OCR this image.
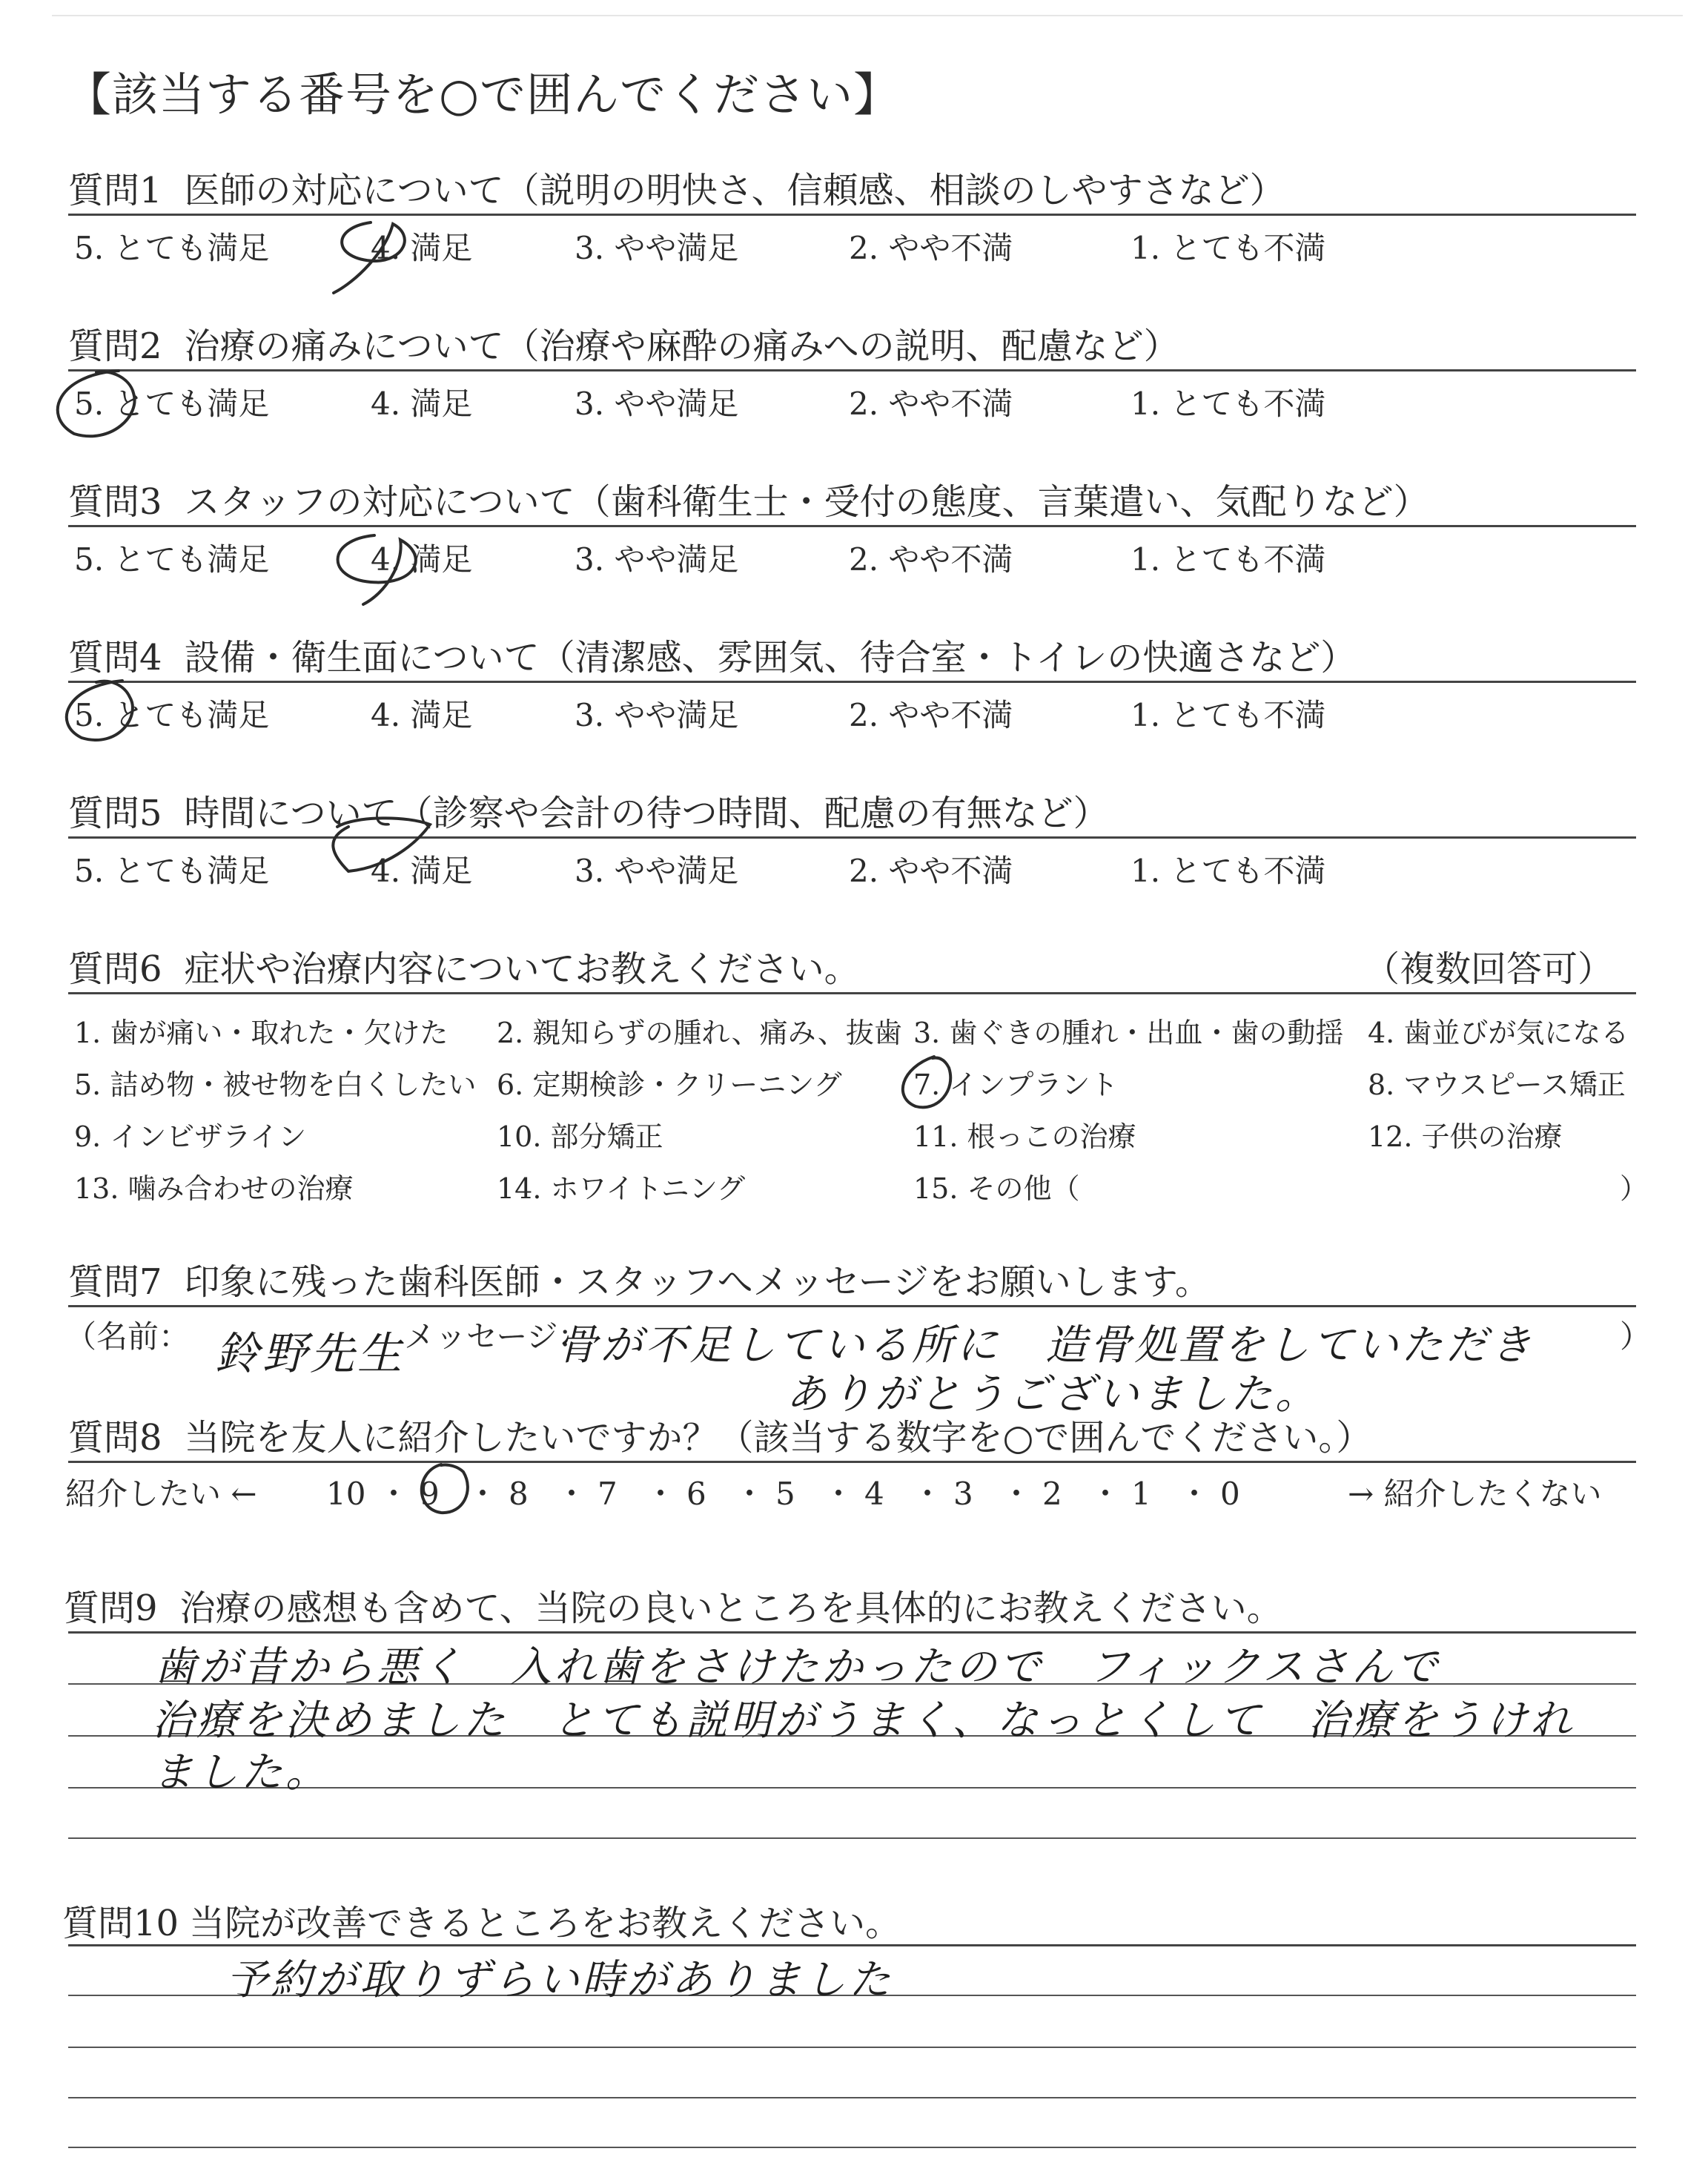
【該当する番号を○で囲んでください】
質問1 医師の対応について（説明の明快さ、信頼感、相談のしやすさなど）
5. とても満足	4. 満足	3. やや満足	2. やや不満	1. とても不満
質問2 治療の痛みについて（治療や麻酔の痛みへの説明、配慮など）
5. とても満足	4. 満足	3. やや満足	2. やや不満	1. とても不満
質問3 スタッフの対応について（歯科衛生士・受付の態度、言葉遣い、気配りなど）
5. とても満足	4. 満足	3. やや満足	2. やや不満	1. とても不満
質問4 設備・衛生面について（清潔感、雰囲気、待合室・トイレの快適さなど）
5. とても満足	4. 満足	3. やや満足	2. やや不満	1. とても不満
質問5 時間について（診察や会計の待つ時間、配慮の有無など）
5. とても満足	4. 満足	3. やや満足	2. やや不満	1. とても不満
質問6 症状や治療内容についてお教えください。	（複数回答可）
1. 歯が痛い・取れた・欠けた 2. 親知らずの腫れ、痛み、抜歯 3. 歯ぐきの腫れ・出血・歯の動揺 4. 歯並びが気になる
5. 詰め物・被せ物を白くしたい 6. 定期検診・クリーニング	7. インプラント	8. マウスピース矯正
9. インビザライン	10. 部分矯正	11. 根っこの治療	12. 子供の治療
13. 噛み合わせの治療	14. ホワイトニング	15. その他（	）
質問7 印象に残った歯科医師・スタッフへメッセージをお願いします。
（名前： 鈴野先生 メッセージ：
骨が不足している所に　造骨処置をしていただき
ありがとうございました。
）
質問8 当院を友人に紹介したいですか？（該当する数字を○で囲んでください。）
紹介したい ← 10 ・ 9 ・ 8 ・ 7 ・ 6 ・ 5 ・ 4 ・ 3 ・ 2 ・ 1 ・ 0	→ 紹介したくない
質問9 治療の感想も含めて、当院の良いところを具体的にお教えください。
歯が昔から悪く　入れ歯をさけたかったので　フィックスさんで
治療を決めました　とても説明がうまく、なっとくして　治療をうけれ
ました。
質問10 当院が改善できるところをお教えください。
予約が取りずらい時がありました
